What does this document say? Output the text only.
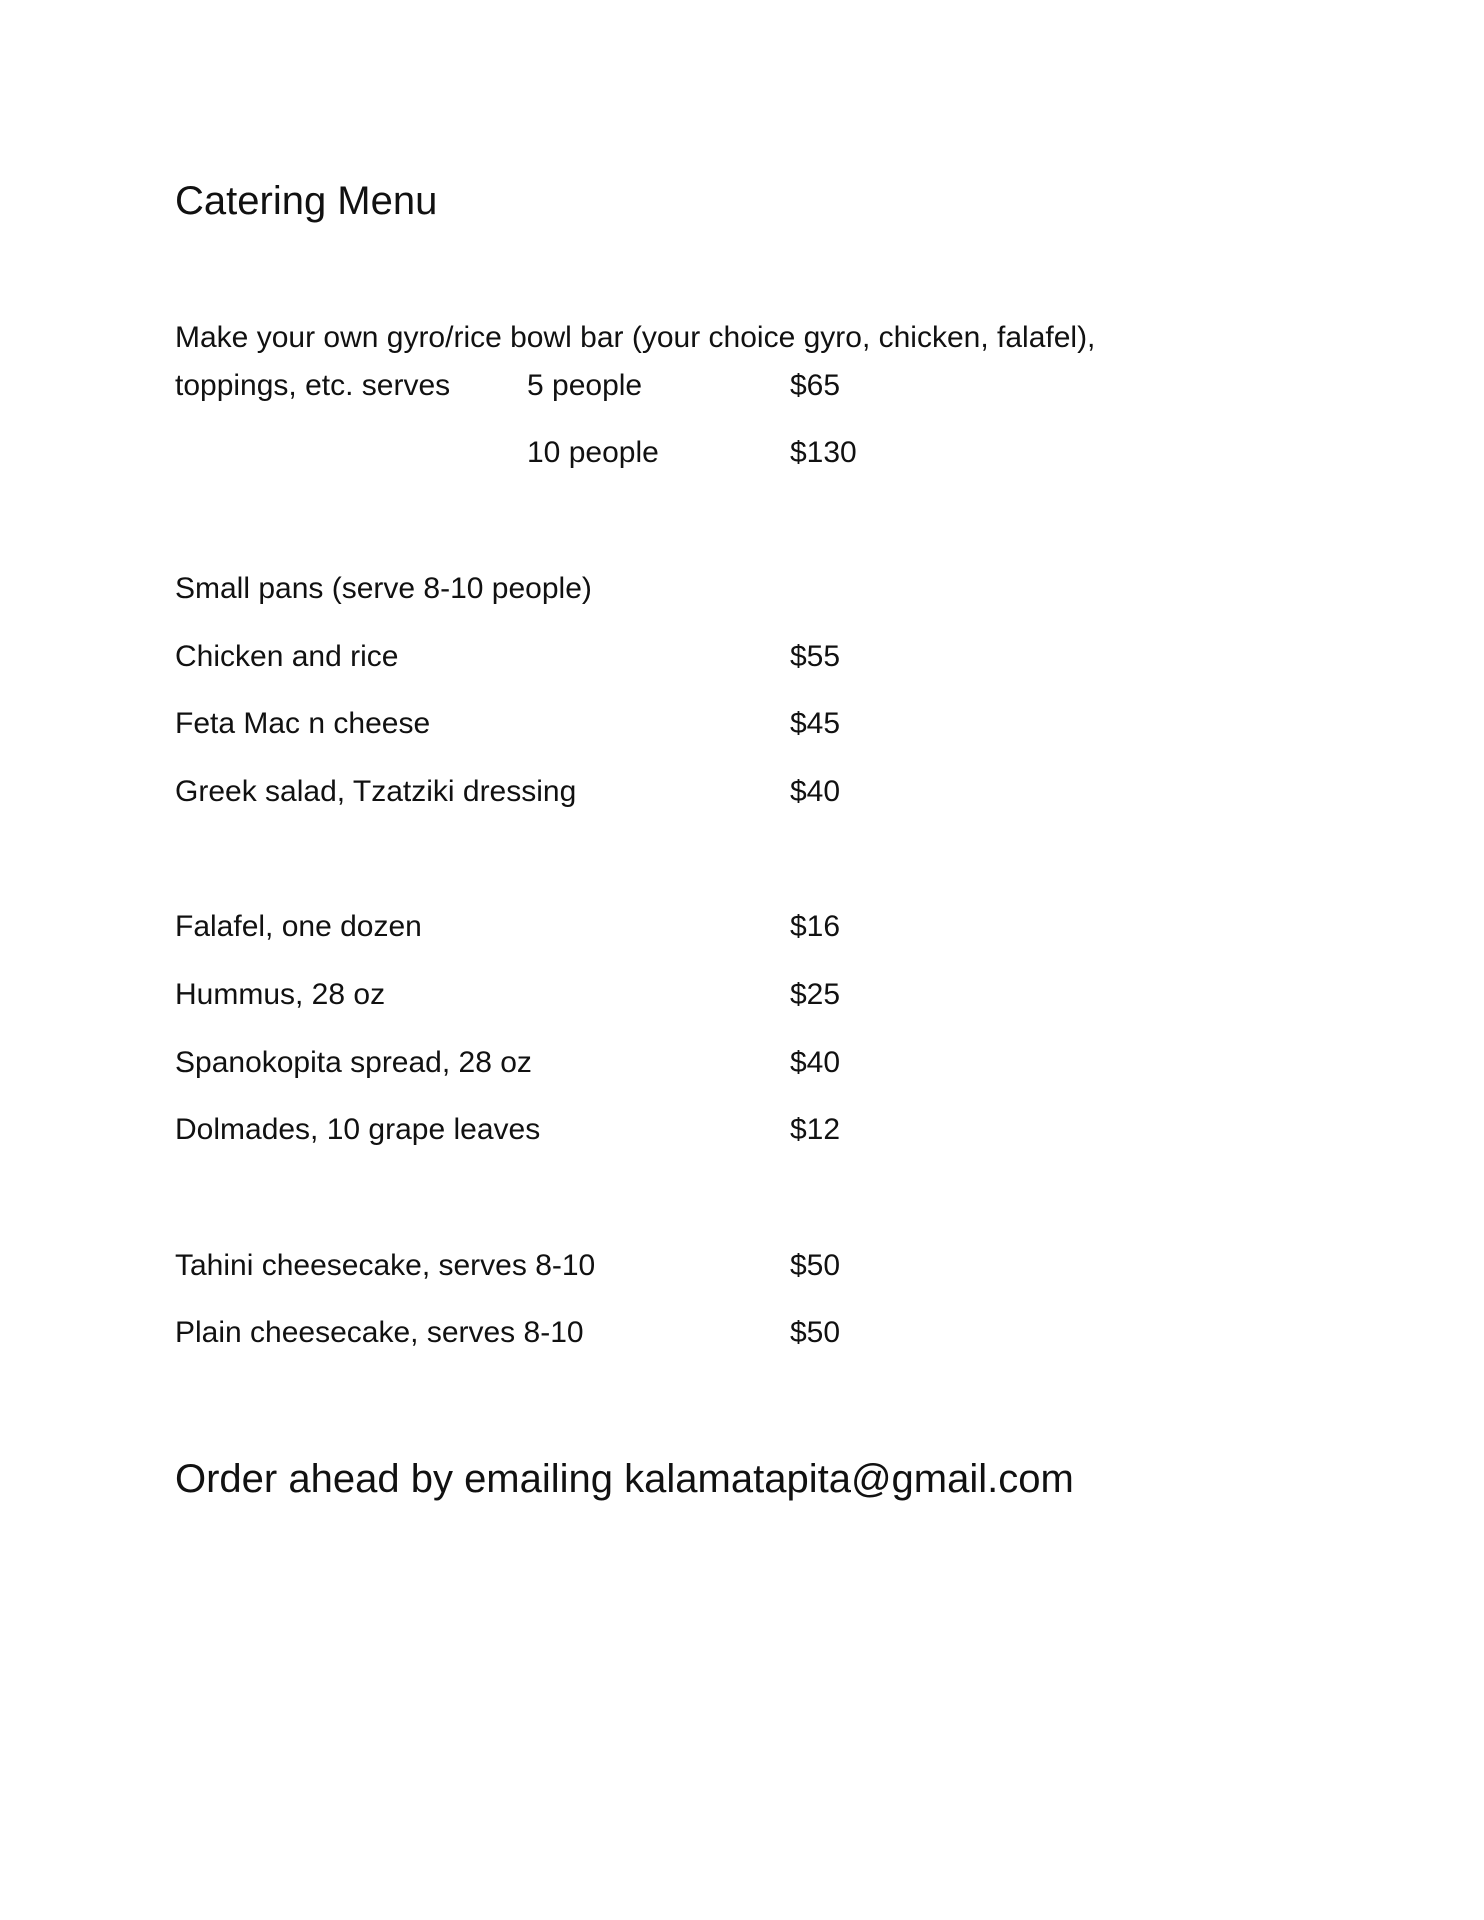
Catering Menu
Make your own gyro/rice bowl bar (your choice gyro, chicken, falafel),
toppings, etc. serves	5 people	$65
10 people	$130
Small pans (serve 8-10 people)
Chicken and rice	$55
Feta Mac n cheese	$45
Greek salad, Tzatziki dressing	$40
Falafel, one dozen	$16
Hummus, 28 oz	$25
Spanokopita spread, 28 oz	$40
Dolmades, 10 grape leaves	$12
Tahini cheesecake, serves 8-10	$50
Plain cheesecake, serves 8-10	$50
Order ahead by emailing kalamatapita@gmail.com
